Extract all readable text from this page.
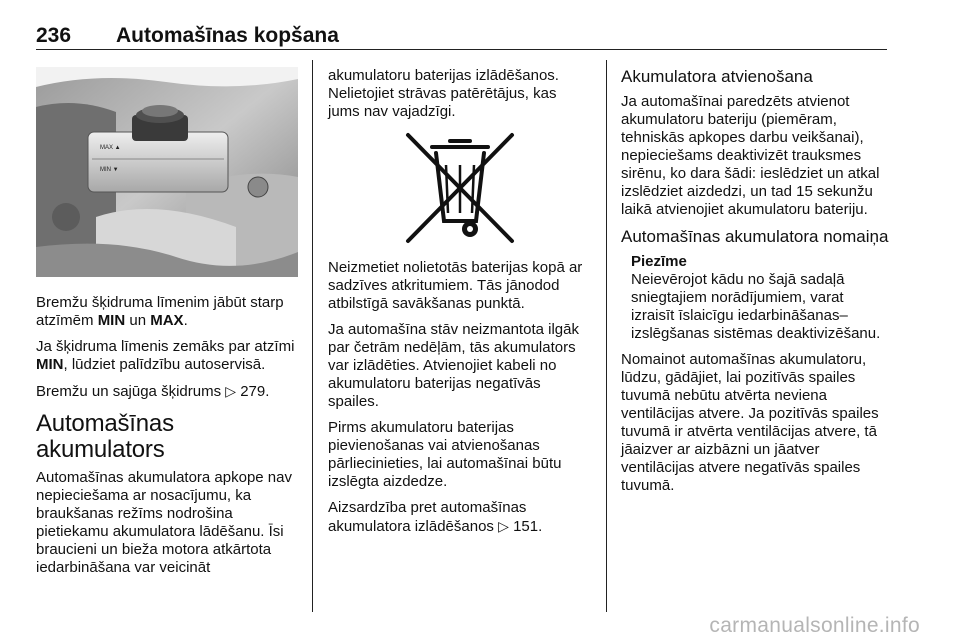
236 Automašīnas kopšana
MAX ▲
MIN ▼

Bremžu šķidruma līmenim jābūt starp atzīmēm MIN un MAX.

Ja šķidruma līmenis zemāks par atzīmi MIN, lūdziet palīdzību autoservisā.

Bremžu un sajūga šķidrums ▷ 279.

Automašīnas akumulators

Automašīnas akumulatora apkope nav nepieciešama ar nosacījumu, ka braukšanas režīms nodrošina pietiekamu akumulatora lādēšanu. Īsi braucieni un bieža motora atkārtota iedarbināšana var veicināt

akumulatoru baterijas izlādēšanos. Nelietojiet strāvas patērētājus, kas jums nav vajadzīgi.

Neizmetiet nolietotās baterijas kopā ar sadzīves atkritumiem. Tās jānodod atbilstīgā savākšanas punktā.

Ja automašīna stāv neizmantota ilgāk par četrām nedēļām, tās akumulators var izlādēties. Atvienojiet kabeli no akumulatoru baterijas negatīvās spailes.

Pirms akumulatoru baterijas pievienošanas vai atvienošanas pārliecinieties, lai automašīnai būtu izslēgta aizdedze.

Aizsardzība pret automašīnas akumulatora izlādēšanos ▷ 151.

Akumulatora atvienošana

Ja automašīnai paredzēts atvienot akumulatoru bateriju (piemēram, tehniskās apkopes darbu veikšanai), nepieciešams deaktivizēt trauksmes sirēnu, ko dara šādi: ieslēdziet un atkal izslēdziet aizdedzi, un tad 15 sekunžu laikā atvienojiet akumulatoru bateriju.

Automašīnas akumulatora nomaiņa
Piezīme
Neievērojot kādu no šajā sadaļā sniegtajiem norādījumiem, varat izraisīt īslaicīgu iedarbināšanas–izslēgšanas sistēmas deaktivizēšanu.

Nomainot automašīnas akumulatoru, lūdzu, gādājiet, lai pozitīvās spailes tuvumā nebūtu atvērta neviena ventilācijas atvere. Ja pozitīvās spailes tuvumā ir atvērta ventilācijas atvere, tā jāaizver ar aizbāzni un jāatver ventilācijas atvere negatīvās spailes tuvumā.

carmanualsonline.info
